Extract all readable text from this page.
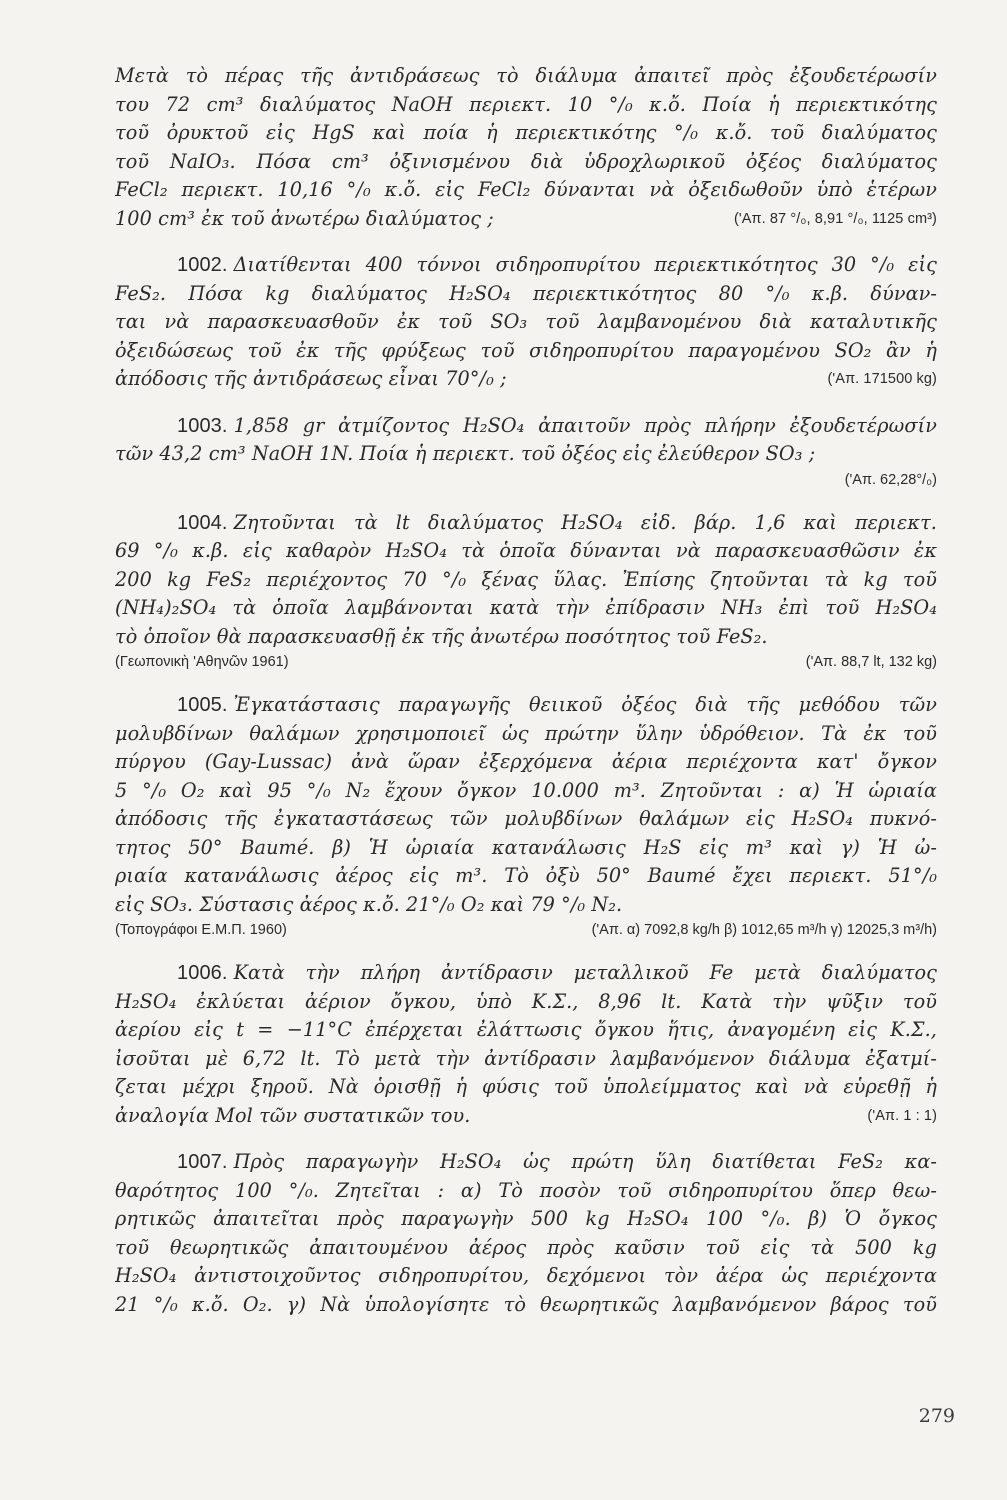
Μετὰ τὸ πέρας τῆς ἀντιδράσεως τὸ διάλυμα ἀπαιτεῖ πρὸς ἐξουδετέρωσίν
του 72 cm³ διαλύματος NaOH περιεκτ. 10 °/₀ κ.ὄ. Ποία ἡ περιεκτικότης
τοῦ ὀρυκτοῦ εἰς HgS καὶ ποία ἡ περιεκτικότης °/₀ κ.ὄ. τοῦ διαλύματος
τοῦ NaIO₃. Πόσα cm³ ὀξινισμένου διὰ ὑδροχλωρικοῦ ὀξέος διαλύματος
FeCl₂ περιεκτ. 10,16 °/₀ κ.ὄ. εἰς FeCl₂ δύνανται νὰ ὀξειδωθοῦν ὑπὸ ἑτέρων
100 cm³ ἐκ τοῦ ἀνωτέρω διαλύματος ;	('Απ. 87 °/₀, 8,91 °/₀, 1125 cm³)
1002. Διατίθενται 400 τόννοι σιδηροπυρίτου περιεκτικότητος 30 °/₀ εἰς
FeS₂. Πόσα kg διαλύματος H₂SO₄ περιεκτικότητος 80 °/₀ κ.β. δύναν-
ται νὰ παρασκευασθοῦν ἐκ τοῦ SO₃ τοῦ λαμβανομένου διὰ καταλυτικῆς
ὀξειδώσεως τοῦ ἐκ τῆς φρύξεως τοῦ σιδηροπυρίτου παραγομένου SO₂ ἂν ἡ
ἀπόδοσις τῆς ἀντιδράσεως εἶναι 70°/₀ ;	('Απ. 171500 kg)
1003. 1,858 gr ἀτμίζοντος H₂SO₄ ἀπαιτοῦν πρὸς πλήρην ἐξουδετέρωσίν
τῶν 43,2 cm³ NaOH 1N. Ποία ἡ περιεκτ. τοῦ ὀξέος εἰς ἐλεύθερον SO₃ ;
('Απ. 62,28°/₀)
1004. Ζητοῦνται τὰ lt διαλύματος H₂SO₄ εἰδ. βάρ. 1,6 καὶ περιεκτ.
69 °/₀ κ.β. εἰς καθαρὸν H₂SO₄ τὰ ὁποῖα δύνανται νὰ παρασκευασθῶσιν ἐκ
200 kg FeS₂ περιέχοντος 70 °/₀ ξένας ὕλας. Ἐπίσης ζητοῦνται τὰ kg τοῦ
(NH₄)₂SO₄ τὰ ὁποῖα λαμβάνονται κατὰ τὴν ἐπίδρασιν NH₃ ἐπὶ τοῦ H₂SO₄
τὸ ὁποῖον θὰ παρασκευασθῇ ἐκ τῆς ἀνωτέρω ποσότητος τοῦ FeS₂.
(Γεωπονικὴ 'Αθηνῶν 1961)	('Απ. 88,7 lt, 132 kg)
1005. Ἐγκατάστασις παραγωγῆς θειικοῦ ὀξέος διὰ τῆς μεθόδου τῶν
μολυβδίνων θαλάμων χρησιμοποιεῖ ὡς πρώτην ὕλην ὑδρόθειον. Τὰ ἐκ τοῦ
πύργου (Gay-Lussac) ἀνὰ ὥραν ἐξερχόμενα ἀέρια περιέχοντα κατ' ὄγκον
5 °/₀ O₂ καὶ 95 °/₀ N₂ ἔχουν ὄγκον 10.000 m³. Ζητοῦνται : α) Ἡ ὡριαία
ἀπόδοσις τῆς ἐγκαταστάσεως τῶν μολυβδίνων θαλάμων εἰς H₂SO₄ πυκνό-
τητος 50° Baumé. β) Ἡ ὡριαία κατανάλωσις H₂S εἰς m³ καὶ γ) Ἡ ὠ-
ριαία κατανάλωσις ἀέρος εἰς m³. Τὸ ὀξὺ 50° Baumé ἔχει περιεκτ. 51°/₀
εἰς SO₃. Σύστασις ἀέρος κ.ὄ. 21°/₀ O₂ καὶ 79 °/₀ N₂.
(Τοπογράφοι Ε.Μ.Π. 1960)	('Απ. α) 7092,8 kg/h β) 1012,65 m³/h γ) 12025,3 m³/h)
1006. Κατὰ τὴν πλήρη ἀντίδρασιν μεταλλικοῦ Fe μετὰ διαλύματος
H₂SO₄ ἐκλύεται ἀέριον ὄγκου, ὑπὸ Κ.Σ., 8,96 lt. Κατὰ τὴν ψῦξιν τοῦ
ἀερίου εἰς t = −11°C ἐπέρχεται ἐλάττωσις ὄγκου ἥτις, ἀναγομένη εἰς Κ.Σ.,
ἰσοῦται μὲ 6,72 lt. Τὸ μετὰ τὴν ἀντίδρασιν λαμβανόμενον διάλυμα ἐξατμί-
ζεται μέχρι ξηροῦ. Νὰ ὁρισθῇ ἡ φύσις τοῦ ὑπολείμματος καὶ νὰ εὑρεθῇ ἡ
ἀναλογία Mol τῶν συστατικῶν του.	('Απ. 1 : 1)
1007. Πρὸς παραγωγὴν H₂SO₄ ὡς πρώτη ὕλη διατίθεται FeS₂ κα-
θαρότητος 100 °/₀. Ζητεῖται : α) Τὸ ποσὸν τοῦ σιδηροπυρίτου ὅπερ θεω-
ρητικῶς ἀπαιτεῖται πρὸς παραγωγὴν 500 kg H₂SO₄ 100 °/₀. β) Ὁ ὄγκος
τοῦ θεωρητικῶς ἀπαιτουμένου ἀέρος πρὸς καῦσιν τοῦ εἰς τὰ 500 kg
H₂SO₄ ἀντιστοιχοῦντος σιδηροπυρίτου, δεχόμενοι τὸν ἀέρα ὡς περιέχοντα
21 °/₀ κ.ὄ. O₂. γ) Νὰ ὑπολογίσητε τὸ θεωρητικῶς λαμβανόμενον βάρος τοῦ
279
